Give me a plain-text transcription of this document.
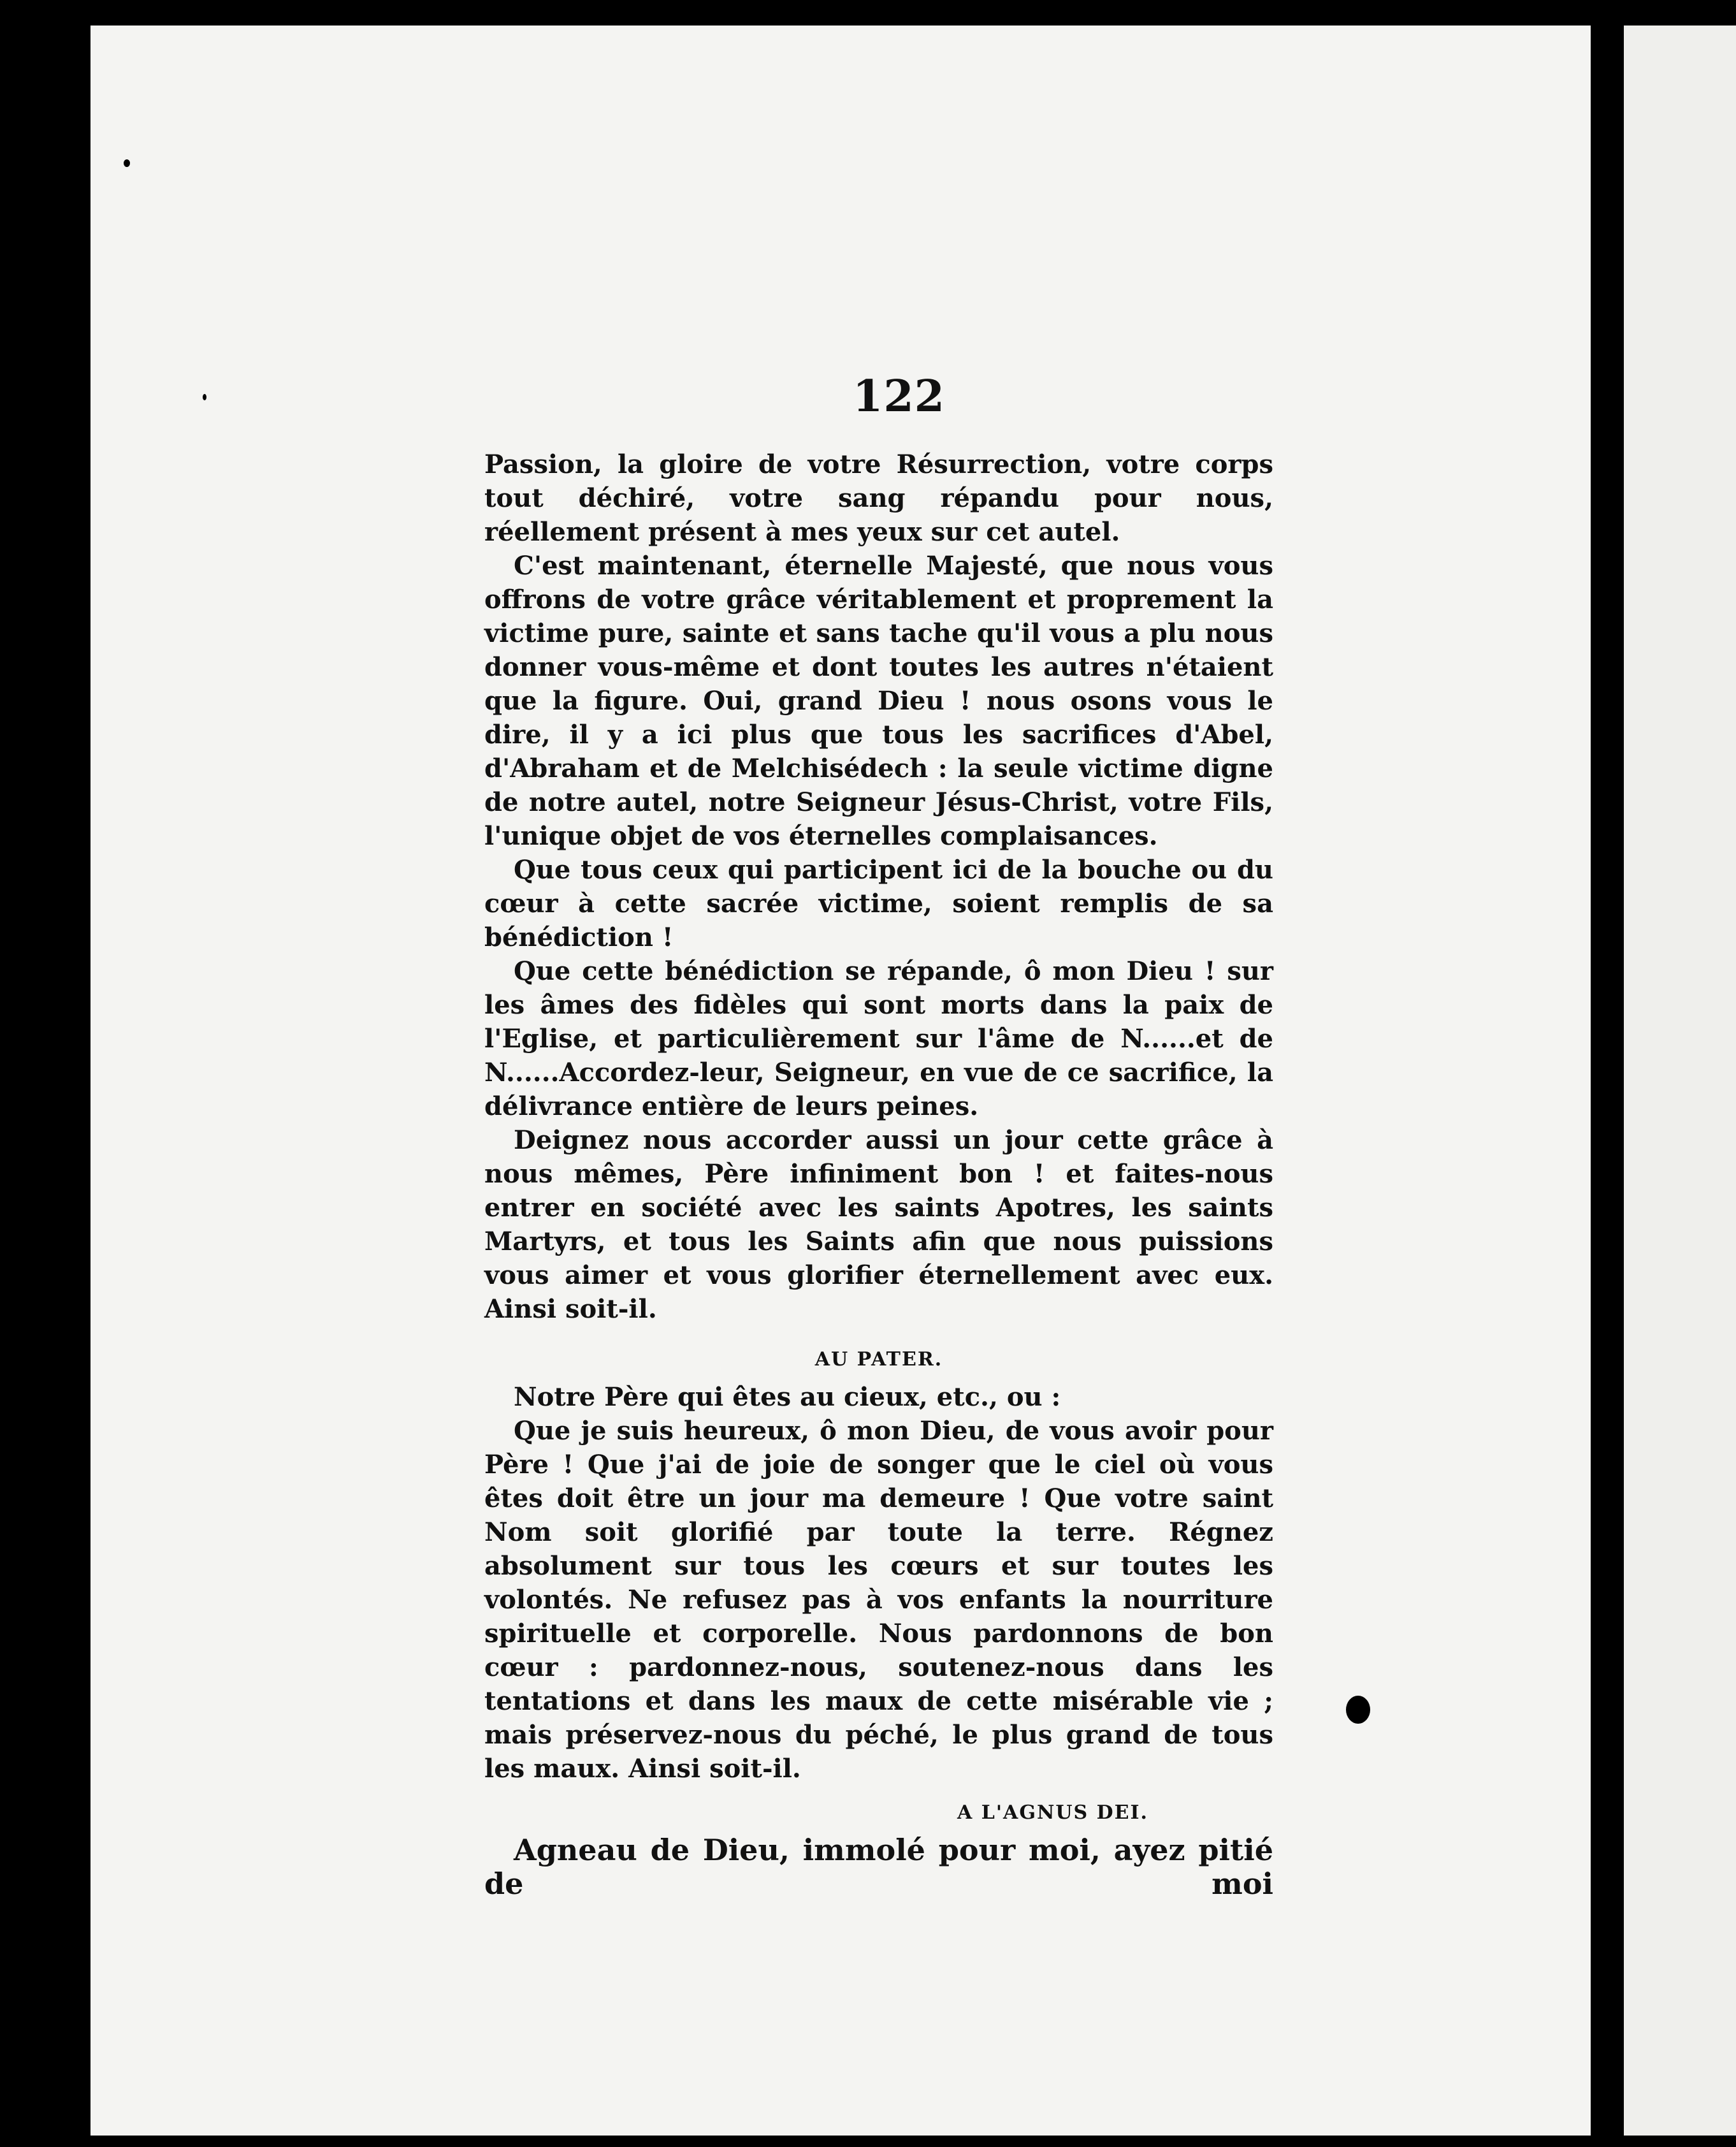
122

Passion, la gloire de votre Résurrection, votre corps tout déchiré, votre sang répandu pour nous, réellement présent à mes yeux sur cet autel.

C'est maintenant, éternelle Majesté, que nous vous offrons de votre grâce véritablement et proprement la victime pure, sainte et sans tache qu'il vous a plu nous donner vous-même et dont toutes les autres n'étaient que la figure. Oui, grand Dieu ! nous osons vous le dire, il y a ici plus que tous les sacrifices d'Abel, d'Abraham et de Melchisédech : la seule victime digne de notre autel, notre Seigneur Jésus-Christ, votre Fils, l'unique objet de vos éternelles complaisances.

Que tous ceux qui participent ici de la bouche ou du cœur à cette sacrée victime, soient remplis de sa bénédiction !

Que cette bénédiction se répande, ô mon Dieu ! sur les âmes des fidèles qui sont morts dans la paix de l'Eglise, et particulièrement sur l'âme de N......et de N......Accordez-leur, Seigneur, en vue de ce sacrifice, la délivrance entière de leurs peines.

Deignez nous accorder aussi un jour cette grâce à nous mêmes, Père infiniment bon ! et faites-nous entrer en société avec les saints Apotres, les saints Martyrs, et tous les Saints afin que nous puissions vous aimer et vous glorifier éternellement avec eux. Ainsi soit-il.

AU PATER.

Notre Père qui êtes au cieux, etc., ou :

Que je suis heureux, ô mon Dieu, de vous avoir pour Père ! Que j'ai de joie de songer que le ciel où vous êtes doit être un jour ma demeure ! Que votre saint Nom soit glorifié par toute la terre. Régnez absolument sur tous les cœurs et sur toutes les volontés. Ne refusez pas à vos enfants la nourriture spirituelle et corporelle. Nous pardonnons de bon cœur : pardonnez-nous, soutenez-nous dans les tentations et dans les maux de cette misérable vie ; mais préservez-nous du péché, le plus grand de tous les maux. Ainsi soit-il.

A L'AGNUS DEI.

Agneau de Dieu, immolé pour moi, ayez pitié de moi
